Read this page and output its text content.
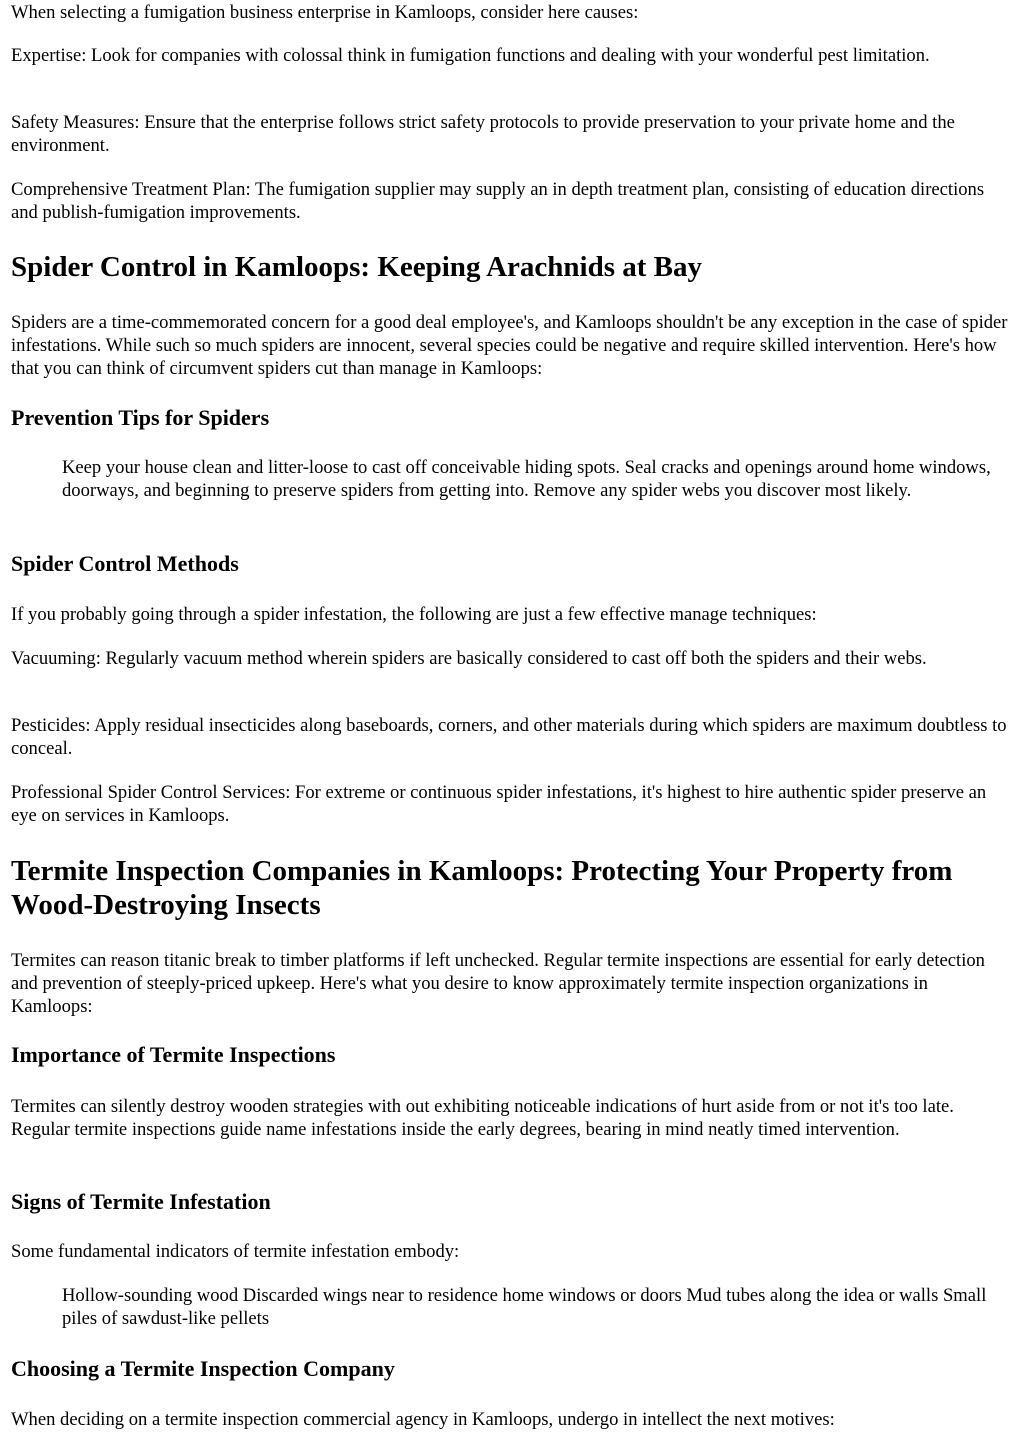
When selecting a fumigation business enterprise in Kamloops, consider here causes:

Expertise: Look for companies with colossal think in fumigation functions and dealing with your wonderful pest limitation.

Safety Measures: Ensure that the enterprise follows strict safety protocols to provide preservation to your private home and the environment.

Comprehensive Treatment Plan: The fumigation supplier may supply an in depth treatment plan, consisting of education directions and publish-fumigation improvements.

Spider Control in Kamloops: Keeping Arachnids at Bay

Spiders are a time-commemorated concern for a good deal employee's, and Kamloops shouldn't be any exception in the case of spider infestations. While such so much spiders are innocent, several species could be negative and require skilled intervention. Here's how that you can think of circumvent spiders cut than manage in Kamloops:

Prevention Tips for Spiders

Keep your house clean and litter-loose to cast off conceivable hiding spots. Seal cracks and openings around home windows, doorways, and beginning to preserve spiders from getting into. Remove any spider webs you discover most likely.

Spider Control Methods

If you probably going through a spider infestation, the following are just a few effective manage techniques:

Vacuuming: Regularly vacuum method wherein spiders are basically considered to cast off both the spiders and their webs.

Pesticides: Apply residual insecticides along baseboards, corners, and other materials during which spiders are maximum doubtless to conceal.

Professional Spider Control Services: For extreme or continuous spider infestations, it's highest to hire authentic spider preserve an eye on services in Kamloops.

Termite Inspection Companies in Kamloops: Protecting Your Property from Wood-Destroying Insects

Termites can reason titanic break to timber platforms if left unchecked. Regular termite inspections are essential for early detection and prevention of steeply-priced upkeep. Here's what you desire to know approximately termite inspection organizations in Kamloops:

Importance of Termite Inspections

Termites can silently destroy wooden strategies with out exhibiting noticeable indications of hurt aside from or not it's too late. Regular termite inspections guide name infestations inside the early degrees, bearing in mind neatly timed intervention.

Signs of Termite Infestation

Some fundamental indicators of termite infestation embody:

Hollow-sounding wood Discarded wings near to residence home windows or doors Mud tubes along the idea or walls Small piles of sawdust-like pellets

Choosing a Termite Inspection Company

When deciding on a termite inspection commercial agency in Kamloops, undergo in intellect the next motives:
